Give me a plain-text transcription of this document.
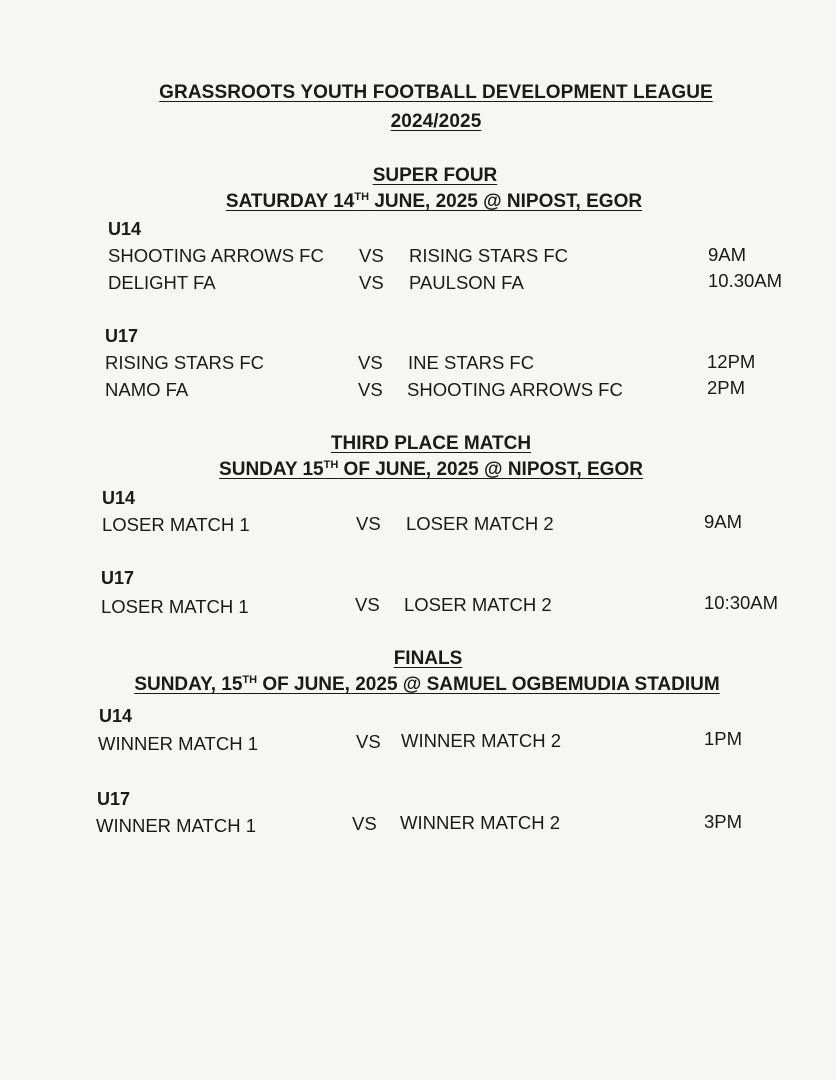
GRASSROOTS YOUTH FOOTBALL DEVELOPMENT LEAGUE
2024/2025
SUPER FOUR
SATURDAY 14TH JUNE, 2025 @ NIPOST, EGOR
U14
SHOOTING ARROWS FC VS RISING STARS FC	9AM
DELIGHT FA	VS PAULSON FA	10.30AM
U17
RISING STARS FC	VS INE STARS FC	12PM
NAMO FA	VS SHOOTING ARROWS FC	2PM
THIRD PLACE MATCH
SUNDAY 15TH OF JUNE, 2025 @ NIPOST, EGOR
U14
LOSER MATCH 1	VS LOSER MATCH 2	9AM
U17
LOSER MATCH 1	VS LOSER MATCH 2	10:30AM
FINALS
SUNDAY, 15TH OF JUNE, 2025 @ SAMUEL OGBEMUDIA STADIUM
U14
WINNER MATCH 1	VS WINNER MATCH 2	1PM
U17
WINNER MATCH 1	VS WINNER MATCH 2	3PM
